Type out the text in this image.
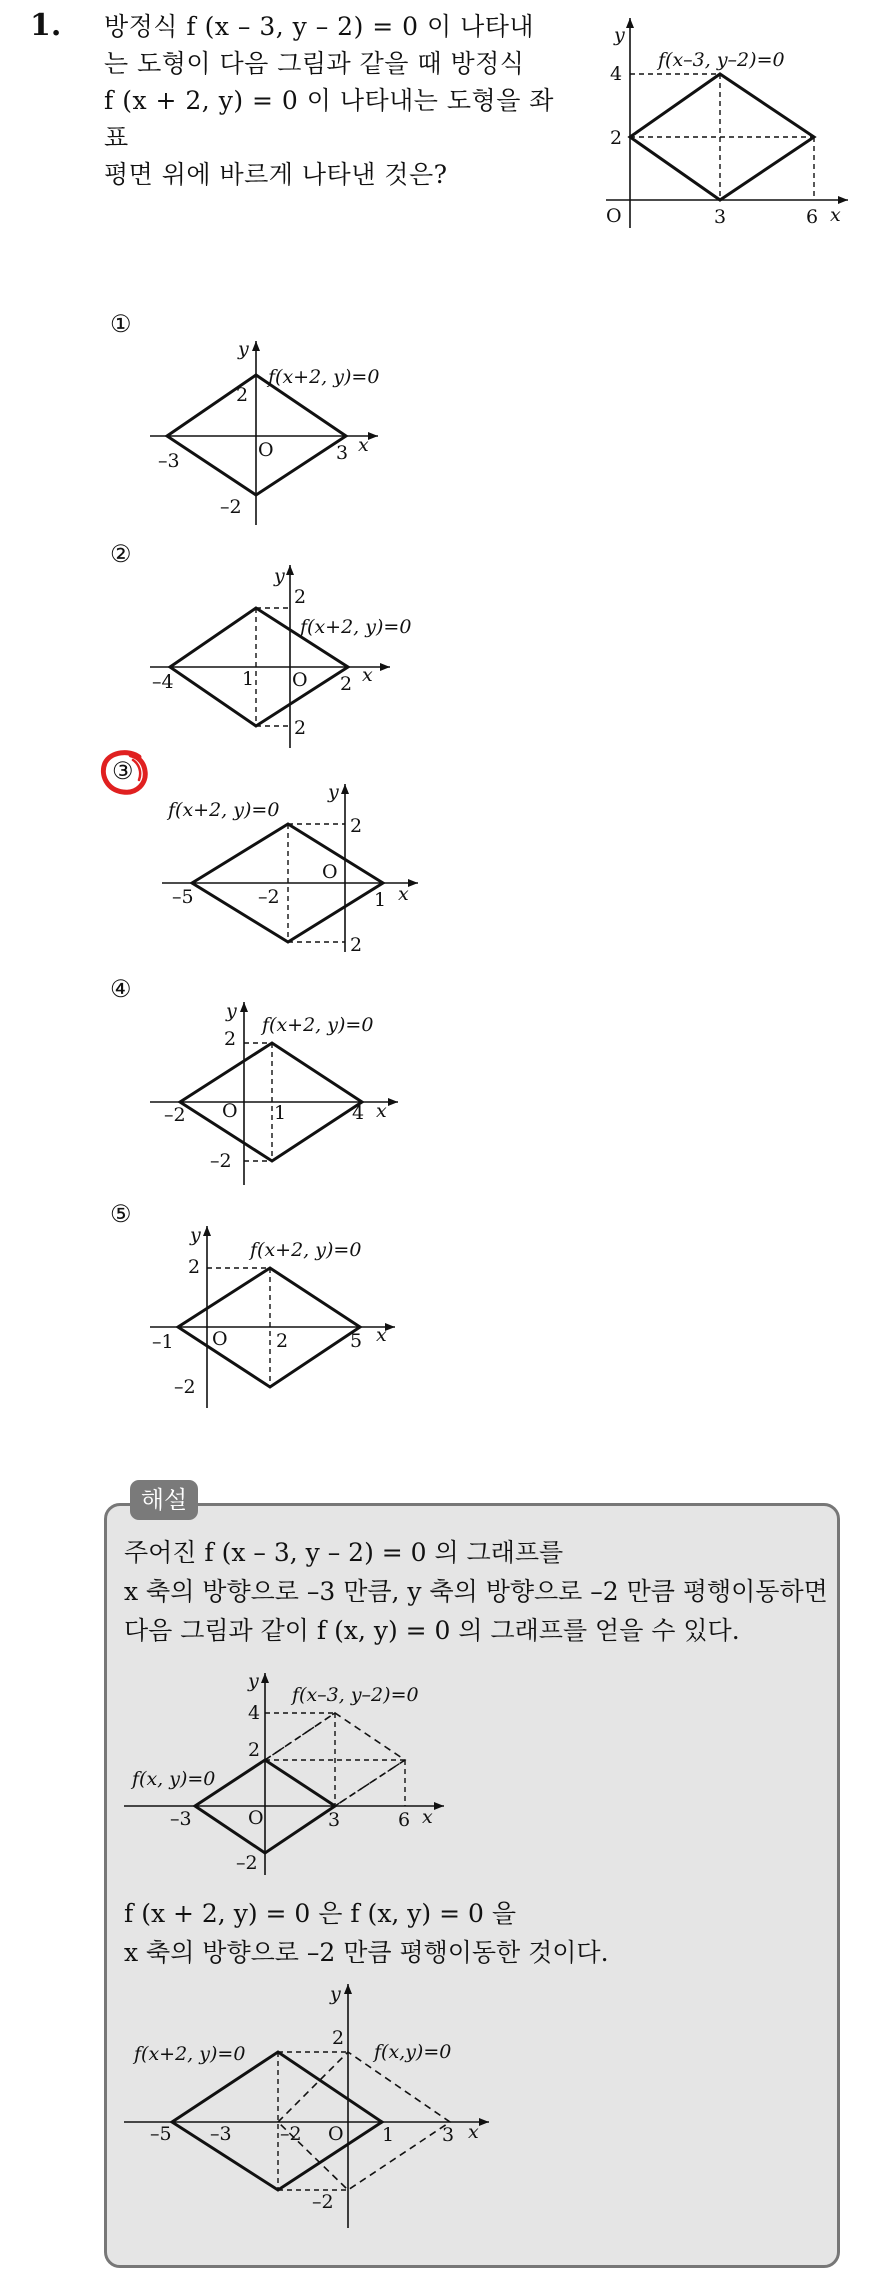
1. 방정식 f (x – 3, y – 2) = 0 이 나타내
는 도형이 다음 그림과 같을 때 방정식
f (x + 2, y) = 0 이 나타내는 도형을 좌표
평면 위에 바르게 나타낸 것은?
y
x
O
4
2
3	6
f(x–3, y–2)=0
①
y
x
2
–3	O	3
–2
f(x+2, y)=0
②
y
x
2
–4	1 O 2
2
f(x+2, y)=0
③
y
x
2
O
–5	–2	1
2
f(x+2, y)=0
④
y
x
2
–2 O 1	4
–2
f(x+2, y)=0
⑤
y
x
2
–1 O	2	5
–2
f(x+2, y)=0
해설
주어진 f (x – 3, y – 2) = 0 의 그래프를
x 축의 방향으로 –3 만큼, y 축의 방향으로 –2 만큼 평행이동하면
다음 그림과 같이 f (x, y) = 0 의 그래프를 얻을 수 있다.
y
x
4
2
–3	O	3	6
–2
f(x–3, y–2)=0
f(x, y)=0
f (x + 2, y) = 0 은 f (x, y) = 0 을
x 축의 방향으로 –2 만큼 평행이동한 것이다.
y
x
2
–5 –3	–2 O 1	3
–2
f(x+2, y)=0	f(x,y)=0
